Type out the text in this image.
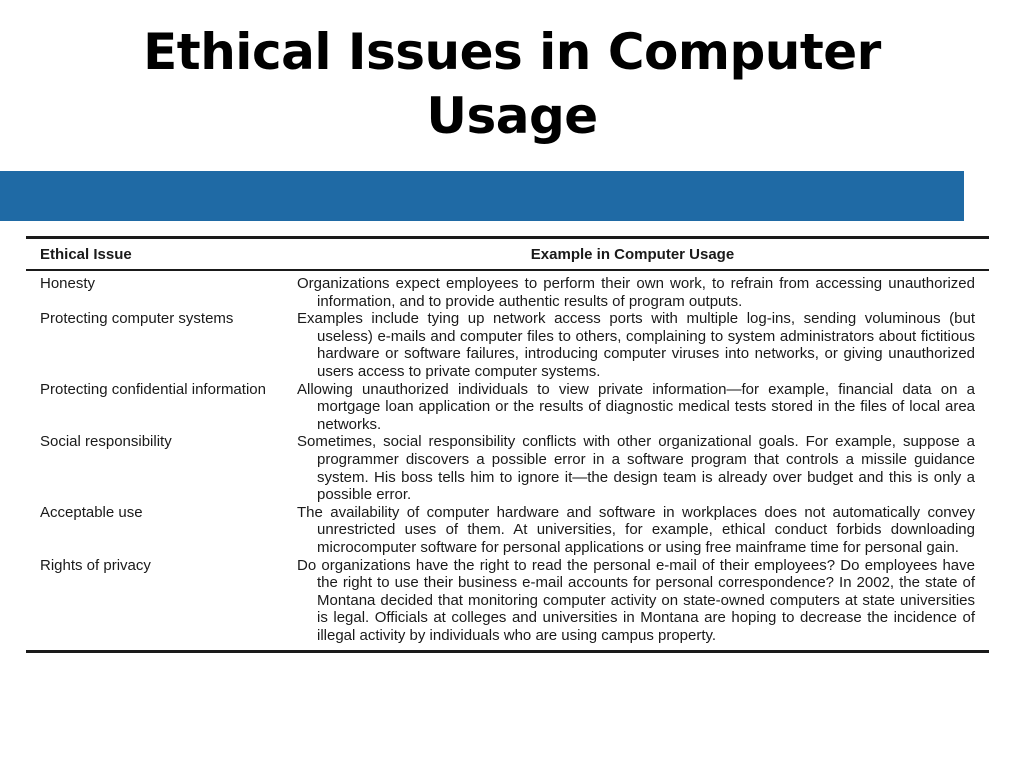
Ethical Issues in Computer
Usage
Ethical Issue	Example in Computer Usage
Honesty	Organizations expect employees to perform their own work, to refrain from accessing unauthorized information, and to provide authentic results of program outputs.
Protecting computer systems	Examples include tying up network access ports with multiple log-ins, sending voluminous (but useless) e-mails and computer files to others, complaining to system administrators about fictitious hardware or software failures, introducing computer viruses into networks, or giving unauthorized users access to private computer systems.
Protecting confidential information	Allowing unauthorized individuals to view private information—for example, financial data on a mortgage loan application or the results of diagnostic medical tests stored in the files of local area networks.
Social responsibility	Sometimes, social responsibility conflicts with other organizational goals. For example, suppose a programmer discovers a possible error in a software program that controls a missile guidance system. His boss tells him to ignore it—the design team is already over budget and this is only a possible error.
Acceptable use	The availability of computer hardware and software in workplaces does not automatically convey unrestricted uses of them. At universities, for example, ethical conduct forbids downloading microcomputer software for personal applications or using free mainframe time for personal gain.
Rights of privacy	Do organizations have the right to read the personal e-mail of their employees? Do employees have the right to use their business e-mail accounts for personal correspondence? In 2002, the state of Montana decided that monitoring computer activity on state-owned computers at state universities is legal. Officials at colleges and universities in Montana are hoping to decrease the incidence of illegal activity by individuals who are using campus property.
